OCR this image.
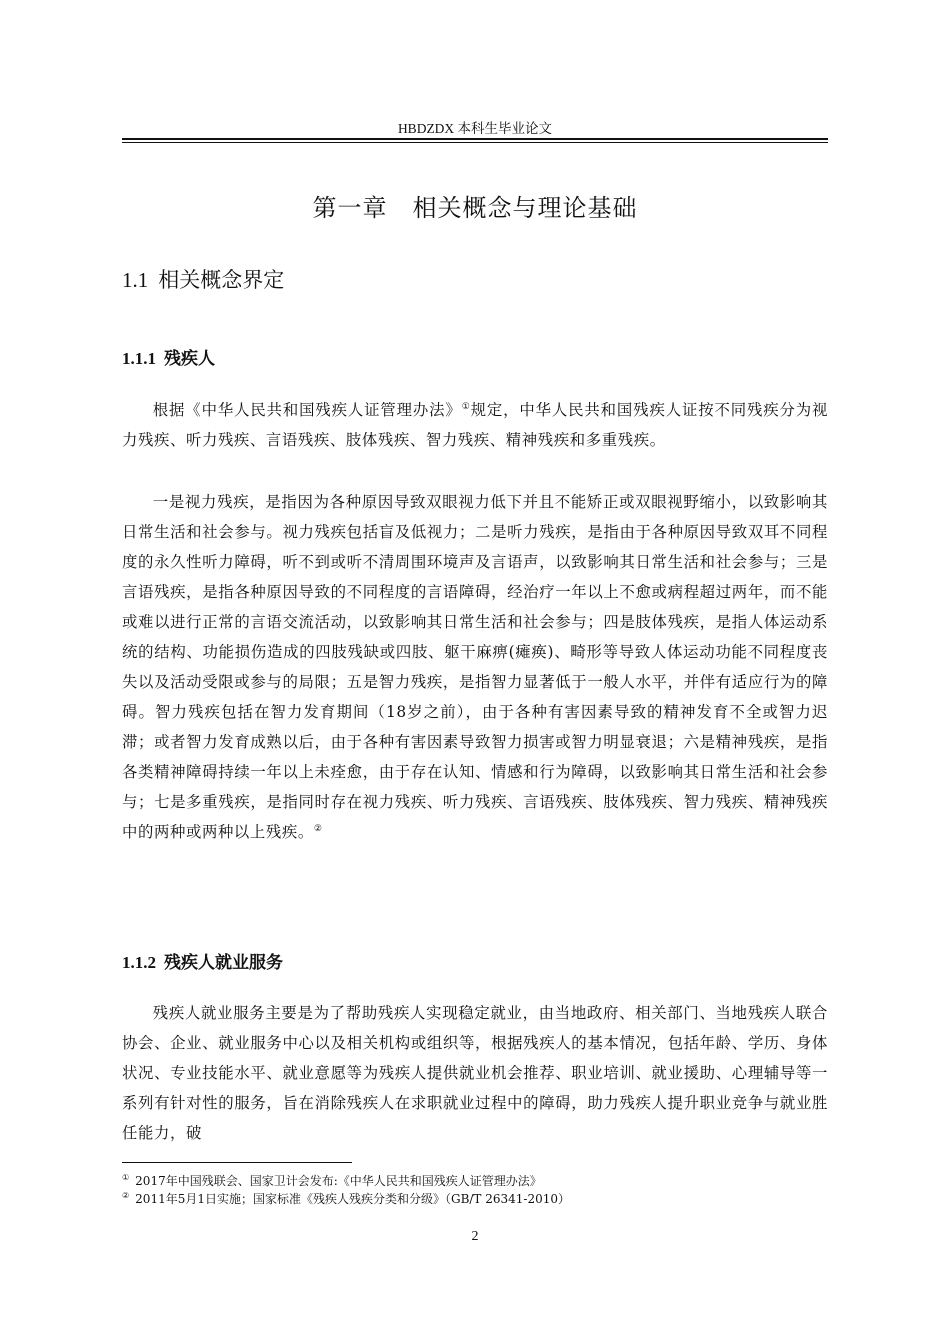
HBDZDX 本科生毕业论文
第一章　相关概念与理论基础
1.1 相关概念界定
1.1.1 残疾人
根据《中华人民共和国残疾人证管理办法》①规定，中华人民共和国残疾人证按不同残疾分为视力残疾、听力残疾、言语残疾、肢体残疾、智力残疾、精神残疾和多重残疾。
一是视力残疾，是指因为各种原因导致双眼视力低下并且不能矫正或双眼视野缩小，以致影响其日常生活和社会参与。视力残疾包括盲及低视力；二是听力残疾，是指由于各种原因导致双耳不同程度的永久性听力障碍，听不到或听不清周围环境声及言语声，以致影响其日常生活和社会参与；三是言语残疾，是指各种原因导致的不同程度的言语障碍，经治疗一年以上不愈或病程超过两年，而不能或难以进行正常的言语交流活动，以致影响其日常生活和社会参与；四是肢体残疾，是指人体运动系统的结构、功能损伤造成的四肢残缺或四肢、躯干麻痹(瘫痪)、畸形等导致人体运动功能不同程度丧失以及活动受限或参与的局限；五是智力残疾，是指智力显著低于一般人水平，并伴有适应行为的障碍。智力残疾包括在智力发育期间（18岁之前），由于各种有害因素导致的精神发育不全或智力迟滞；或者智力发育成熟以后，由于各种有害因素导致智力损害或智力明显衰退；六是精神残疾，是指各类精神障碍持续一年以上未痊愈，由于存在认知、情感和行为障碍，以致影响其日常生活和社会参与；七是多重残疾，是指同时存在视力残疾、听力残疾、言语残疾、肢体残疾、智力残疾、精神残疾中的两种或两种以上残疾。②
1.1.2 残疾人就业服务
残疾人就业服务主要是为了帮助残疾人实现稳定就业，由当地政府、相关部门、当地残疾人联合协会、企业、就业服务中心以及相关机构或组织等，根据残疾人的基本情况，包括年龄、学历、身体状况、专业技能水平、就业意愿等为残疾人提供就业机会推荐、职业培训、就业援助、心理辅导等一系列有针对性的服务，旨在消除残疾人在求职就业过程中的障碍，助力残疾人提升职业竞争与就业胜任能力，破
① 2017年中国残联会、国家卫计会发布:《中华人民共和国残疾人证管理办法》
② 2011年5月1日实施；国家标准《残疾人残疾分类和分级》（GB/T 26341-2010）
2
